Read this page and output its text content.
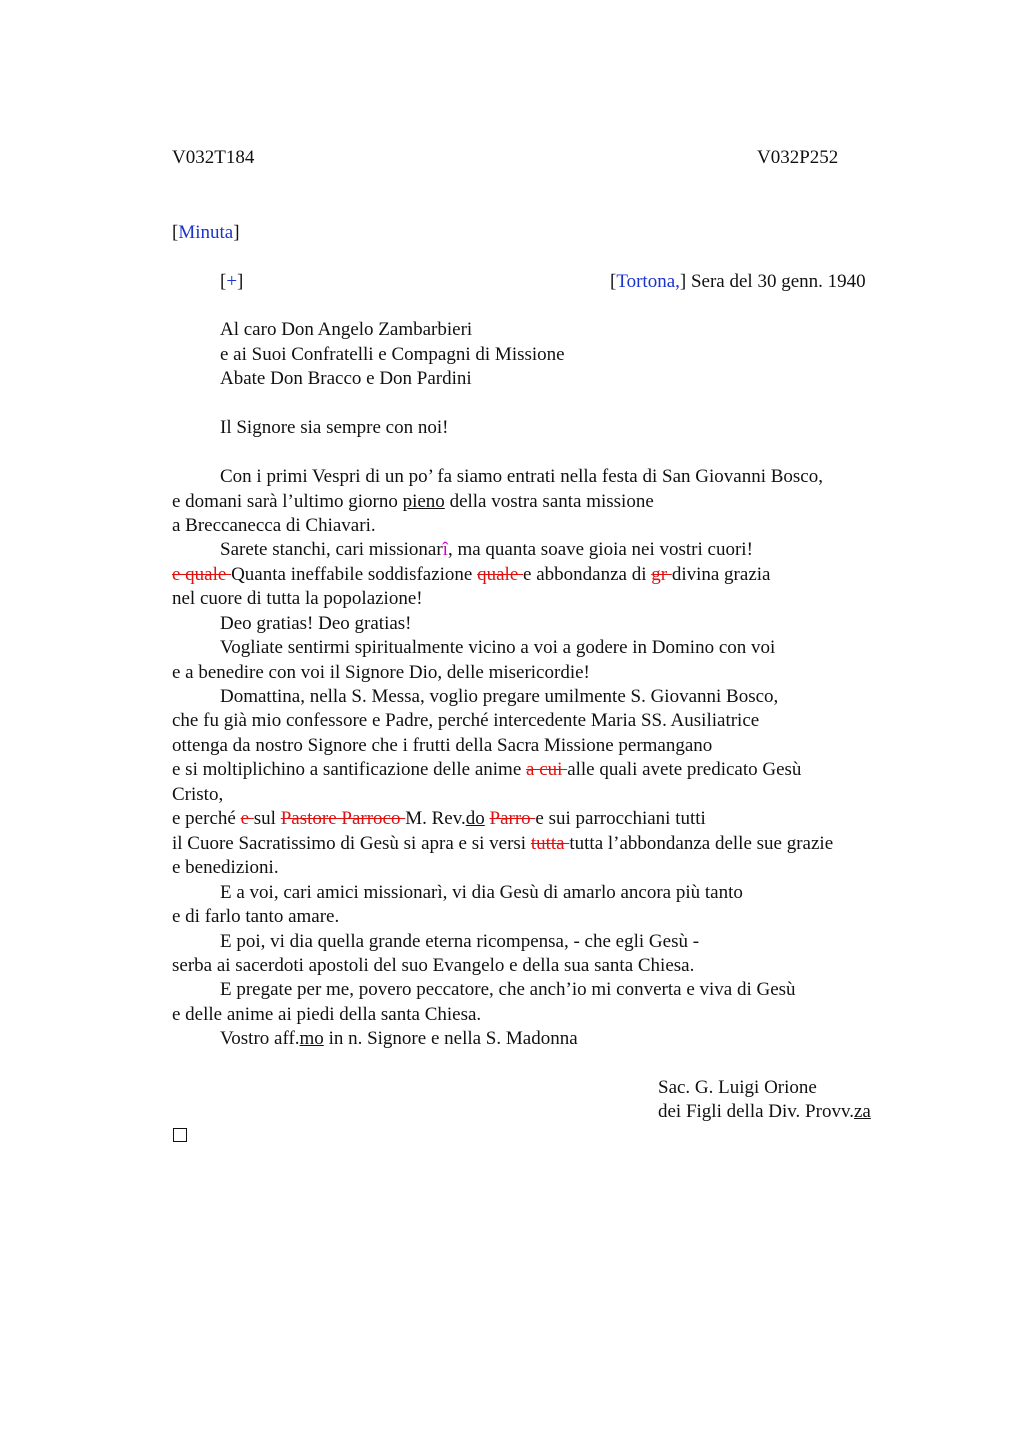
V032T184	V032P252
[Minuta]
[+]	[Tortona,] Sera del 30 genn. 1940
Al caro Don Angelo Zambarbieri
e ai Suoi Confratelli e Compagni di Missione
Abate Don Bracco e Don Pardini
Il Signore sia sempre con noi!
Con i primi Vespri di un po’ fa siamo entrati nella festa di San Giovanni Bosco,
e domani sarà l’ultimo giorno pieno della vostra santa missione
a Breccanecca di Chiavari.
Sarete stanchi, cari missionarî, ma quanta soave gioia nei vostri cuori!
e quale Quanta ineffabile soddisfazione quale e abbondanza di gr divina grazia
nel cuore di tutta la popolazione!
Deo gratias! Deo gratias!
Vogliate sentirmi spiritualmente vicino a voi a godere in Domino con voi
e a benedire con voi il Signore Dio, delle misericordie!
Domattina, nella S. Messa, voglio pregare umilmente S. Giovanni Bosco,
che fu già mio confessore e Padre, perché intercedente Maria SS. Ausiliatrice
ottenga da nostro Signore che i frutti della Sacra Missione permangano
e si moltiplichino a santificazione delle anime a cui alle quali avete predicato Gesù
Cristo,
e perché e sul Pastore Parroco M. Rev.do Parro e sui parrocchiani tutti
il Cuore Sacratissimo di Gesù si apra e si versi tutta tutta l’abbondanza delle sue grazie
e benedizioni.
E a voi, cari amici missionarì, vi dia Gesù di amarlo ancora più tanto
e di farlo tanto amare.
E poi, vi dia quella grande eterna ricompensa, - che egli Gesù -
serba ai sacerdoti apostoli del suo Evangelo e della sua santa Chiesa.
E pregate per me, povero peccatore, che anch’io mi converta e viva di Gesù
e delle anime ai piedi della santa Chiesa.
Vostro aff.mo in n. Signore e nella S. Madonna
Sac. G. Luigi Orione
dei Figli della Div. Provv.za
